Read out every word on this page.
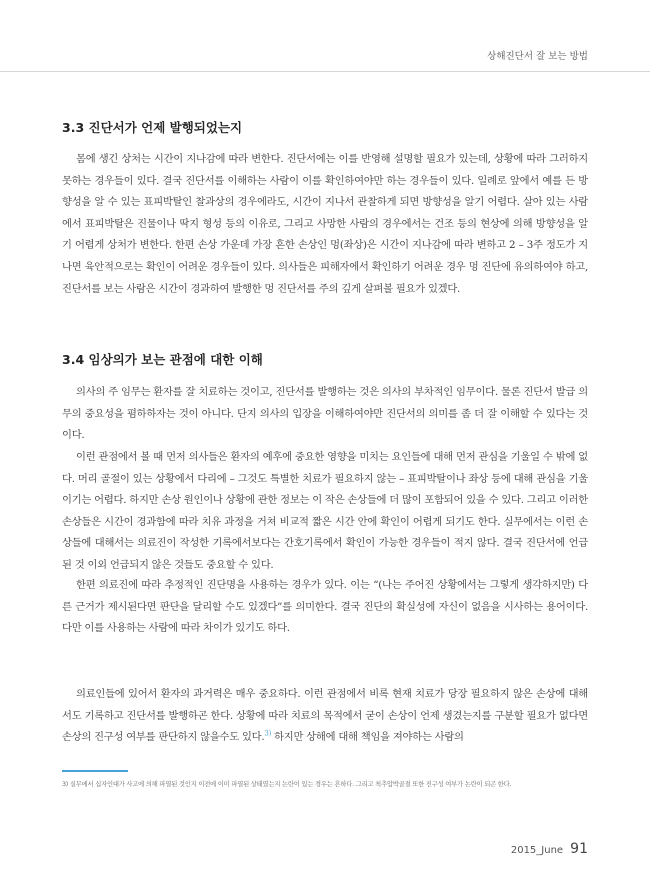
상해진단서 잘 보는 방법
3.3 진단서가 언제 발행되었는지

몸에 생긴 상처는 시간이 지나감에 따라 변한다. 진단서에는 이를 반영해 설명할 필요가 있는데, 상황에 따라 그러하지 못하는 경우들이 있다. 결국 진단서를 이해하는 사람이 이를 확인하여야만 하는 경우들이 있다. 일례로 앞에서 예를 든 방향성을 알 수 있는 표피박탈인 찰과상의 경우에라도, 시간이 지나서 관찰하게 되면 방향성을 알기 어렵다. 살아 있는 사람에서 표피박탈은 진물이나 딱지 형성 등의 이유로, 그리고 사망한 사람의 경우에서는 건조 등의 현상에 의해 방향성을 알기 어렵게 상처가 변한다. 한편 손상 가운데 가장 흔한 손상인 멍(좌상)은 시간이 지나감에 따라 변하고 2 – 3주 정도가 지나면 육안적으로는 확인이 어려운 경우들이 있다. 의사들은 피해자에서 확인하기 어려운 경우 멍 진단에 유의하여야 하고, 진단서를 보는 사람은 시간이 경과하여 발행한 멍 진단서를 주의 깊게 살펴볼 필요가 있겠다.

3.4 임상의가 보는 관점에 대한 이해

의사의 주 임무는 환자를 잘 치료하는 것이고, 진단서를 발행하는 것은 의사의 부차적인 임무이다. 물론 진단서 발급 의무의 중요성을 폄하하자는 것이 아니다. 단지 의사의 입장을 이해하여야만 진단서의 의미를 좀 더 잘 이해할 수 있다는 것이다.

이런 관점에서 볼 때 먼저 의사들은 환자의 예후에 중요한 영향을 미치는 요인들에 대해 먼저 관심을 기울일 수 밖에 없다. 머리 골절이 있는 상황에서 다리에 – 그것도 특별한 치료가 필요하지 않는 – 표피박탈이나 좌상 등에 대해 관심을 기울이기는 어렵다. 하지만 손상 원인이나 상황에 관한 정보는 이 작은 손상들에 더 많이 포함되어 있을 수 있다. 그리고 이러한 손상들은 시간이 경과함에 따라 치유 과정을 거쳐 비교적 짧은 시간 안에 확인이 어렵게 되기도 한다. 실무에서는 이런 손상들에 대해서는 의료진이 작성한 기록에서보다는 간호기록에서 확인이 가능한 경우들이 적지 않다. 결국 진단서에 언급된 것 이외 언급되지 않은 것들도 중요할 수 있다.

한편 의료진에 따라 추정적인 진단명을 사용하는 경우가 있다. 이는 “(나는 주어진 상황에서는 그렇게 생각하지만) 다른 근거가 제시된다면 판단을 달리할 수도 있겠다”를 의미한다. 결국 진단의 확실성에 자신이 없음을 시사하는 용어이다. 다만 이를 사용하는 사람에 따라 차이가 있기도 하다.

의료인들에 있어서 환자의 과거력은 매우 중요하다. 이런 관점에서 비록 현재 치료가 당장 필요하지 않은 손상에 대해서도 기록하고 진단서를 발행하곤 한다. 상황에 따라 치료의 목적에서 굳이 손상이 언제 생겼는지를 구분할 필요가 없다면 손상의 진구성 여부를 판단하지 않을수도 있다.$^{3)}$ 하지만 상해에 대해 책임을 져야하는 사람의

3) 실무에서 십자인대가 사고에 의해 파열된 것인지 이전에 이미 파열된 상태였는지 논란이 있는 경우는 흔하다. 그리고 척추압박골절 또한 진구성 여부가 논란이 되곤 한다.

2015_June 91
